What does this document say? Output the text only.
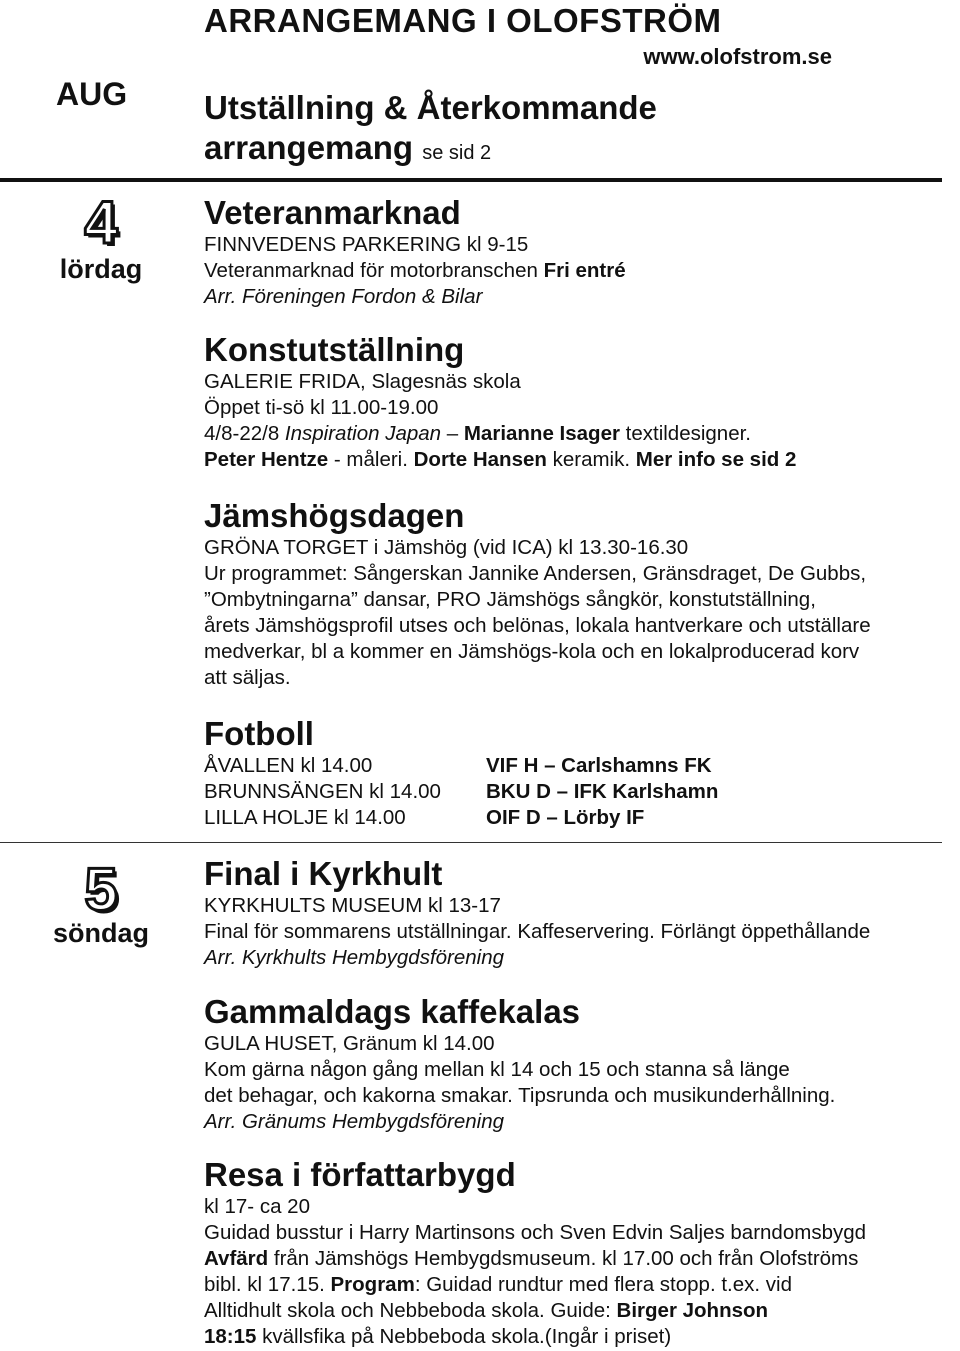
ARRANGEMANG I OLOFSTRÖM
www.olofstrom.se
AUG Utställning & Återkommande
arrangemang se sid 2
4
lördag
Veteranmarknad
FINNVEDENS PARKERING kl 9-15
Veteranmarknad för motorbranschen Fri entré
Arr. Föreningen Fordon & Bilar
Konstutställning
GALERIE FRIDA, Slagesnäs skola
Öppet ti-sö kl 11.00-19.00
4/8-22/8 Inspiration Japan – Marianne Isager textildesigner.
Peter Hentze - måleri. Dorte Hansen keramik. Mer info se sid 2
Jämshögsdagen
GRÖNA TORGET i Jämshög (vid ICA) kl 13.30-16.30
Ur programmet: Sångerskan Jannike Andersen, Gränsdraget, De Gubbs,
”Ombytningarna” dansar, PRO Jämshögs sångkör, konstutställning,
årets Jämshögsprofil utses och belönas, lokala hantverkare och utställare
medverkar, bl a kommer en Jämshögs-kola och en lokalproducerad korv
att säljas.
Fotboll
ÅVALLEN kl 14.00	VIF H – Carlshamns FK
BRUNNSÄNGEN kl 14.00	BKU D – IFK Karlshamn
LILLA HOLJE kl 14.00	OIF D – Lörby IF
5
söndag
Final i Kyrkhult
KYRKHULTS MUSEUM kl 13-17
Final för sommarens utställningar. Kaffeservering. Förlängt öppethållande
Arr. Kyrkhults Hembygdsförening
Gammaldags kaffekalas
GULA HUSET, Gränum kl 14.00
Kom gärna någon gång mellan kl 14 och 15 och stanna så länge
det behagar, och kakorna smakar. Tipsrunda och musikunderhållning.
Arr. Gränums Hembygdsförening
Resa i författarbygd
kl 17- ca 20
Guidad busstur i Harry Martinsons och Sven Edvin Saljes barndomsbygd
Avfärd från Jämshögs Hembygdsmuseum. kl 17.00 och från Olofströms
bibl. kl 17.15. Program: Guidad rundtur med flera stopp. t.ex. vid
Alltidhult skola och Nebbeboda skola. Guide: Birger Johnson
18:15 kvällsfika på Nebbeboda skola.(Ingår i priset)
